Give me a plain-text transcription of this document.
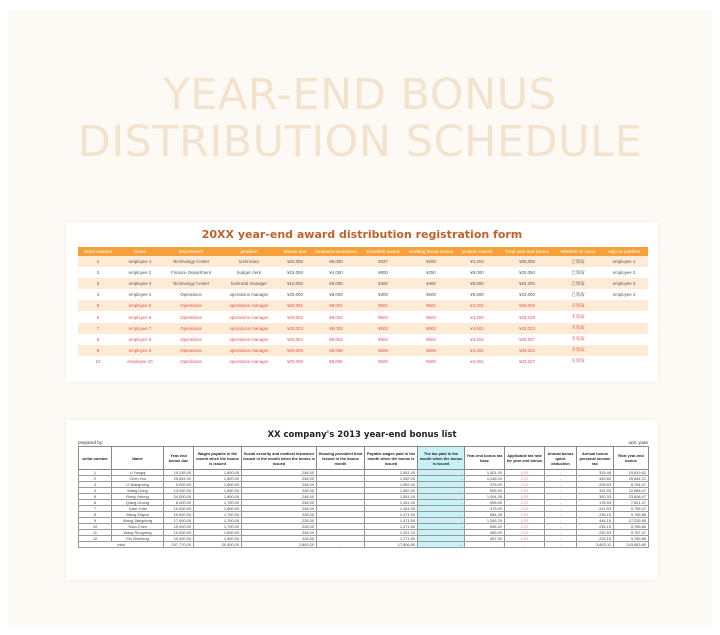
YEAR-END BONUS
DISTRIBUTION SCHEDULE
20XX year-end award distribution registration form
serial number	Name	Department	position	Bonus due	business incentives	Excellent award	working hours bonus	project reward	Total year-end bonus	Whether to issue	sign to confirm
1	employee 1	Technology Center	technician	¥20,000	¥5,000	¥327	¥200	¥4,403	¥30,000	已领取	employee 1
2	employee 2	Finance Department	budget clerk	¥15,000	¥4,000	¥800	¥250	¥8,000	¥28,050	已领取	employee 2
3	employee 3	Technology Center	technical manager	¥10,000	¥6,000	¥300	¥400	¥5,500	¥22,200	已领取	employee 3
4	employee 4	Operations	operations manager	¥25,000	¥8,000	¥300	¥600	¥6,500	¥33,000	已领取	employee 4
5	employee 5	Operations	operations manager	¥20,001	¥8,001	¥501	¥601	¥4,201	¥33,005	未领取	
6	employee 6	Operations	operations manager	¥20,002	¥8,002	¥502	¥602	¥4,202	¥33,019	未领取	
7	employee 7	Operations	operations manager	¥20,003	¥8,003	¥503	¥603	¥4,503	¥33,023	未领取	
8	employee 8	Operations	operations manager	¥20,004	¥8,004	¥504	¥604	¥4,504	¥33,027	未领取	
9	employee 9	Operations	operations manager	¥20,005	¥8,005	¥505	¥605	¥4,202	¥33,022	未领取	
10	employee 10	Operations	operations manager	¥20,006	¥8,006	¥506	¥606	¥4,501	¥33,027	未领取	
XX company's 2013 year-end bonus list
prepared by:	unit: yuan
serial number	Name	Year-end bonus due	Wages payable in the month when the bonus is issued	Social security and medical insurance issued in the month when the bonus is issued	Housing provident fund issued in the bonus month	Payable wages paid in the month when the bonus is issued	The tax paid in the month when the bonus is issued	Year-end bonus tax base	Applicable tax rate for year-end bonus	Annual bonus quick deduction	Annual bonus personal income tax	Real year-end bonus
1	Li Yongqi	10,135.00	1,800.00	248.00		1,551.00	-	1,401.00	0.03	-	315.48	19,819.52
2	Chen Hui	25,844.00	1,800.00	248.00		1,552.00	-	1,248.00	0.03	-	449.80	25,844.21
3	Li Wangming	9,000.00	1,800.00	248.00		1,552.00	-	375.00	0.03	-	205.53	8,794.47
4	Wang Dong	13,000.00	1,800.00	248.00		1,552.00	-	505.00	0.03	-	331.53	12,668.47
5	Rong Yutong	24,000.00	1,800.00	248.00		1,551.00	-	1,004.28	0.03	-	392.33	23,608.47
6	Qiang Lihong	8,000.00	1,700.00	248.00		1,451.00	-	995.00	0.03	-	178.53	7,821.47
7	Yuan Yufei	10,000.00	1,800.00	248.00		1,451.00	-	375.00	0.03	-	241.53	9,758.47
8	Wang Zhiyun	10,000.00	1,700.00	228.00		1,471.50	-	684.28	0.03	-	235.15	9,765.85
9	Wang Jiangdong	17,000.00	1,700.00	228.00		1,471.50	-	1,285.29	0.03	-	444.15	17,225.85
10	Yuan Chen	10,000.00	1,700.00	228.00		1,471.50	-	696.29	0.03	-	235.15	9,765.85
11	Wang Rongrong	10,000.00	1,500.00	348.00		1,201.23		585.00	0.03	-	232.53	9,767.47
12	Pei Zhizheng	10,000.00	1,500.00	228.50		1,271.50		587.00	0.03	-	233.15	9,766.85
total		247,770.00	20,400.00	2,893.20	-	17,806.80	-	-	-	-	3,802.11	243,883.80
